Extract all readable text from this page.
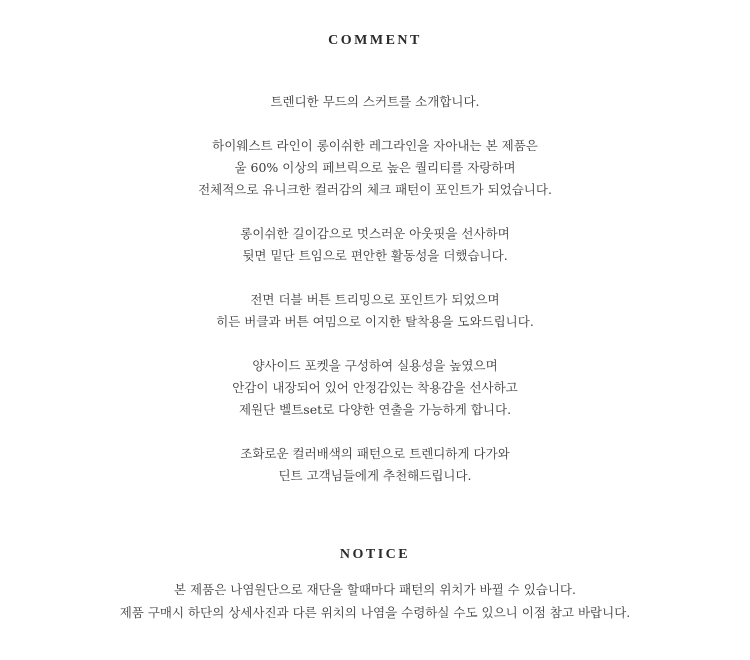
COMMENT
트렌디한 무드의 스커트를 소개합니다.
하이웨스트 라인이 롱이쉬한 레그라인을 자아내는 본 제품은
울 60% 이상의 페브릭으로 높은 퀄리티를 자랑하며
전체적으로 유니크한 컬러감의 체크 패턴이 포인트가 되었습니다.
롱이쉬한 길이감으로 멋스러운 아웃핏을 선사하며
뒷면 밑단 트임으로 편안한 활동성을 더했습니다.
전면 더블 버튼 트리밍으로 포인트가 되었으며
히든 버클과 버튼 여밈으로 이지한 탈착용을 도와드립니다.
양사이드 포켓을 구성하여 실용성을 높였으며
안감이 내장되어 있어 안정감있는 착용감을 선사하고
제원단 벨트set로 다양한 연출을 가능하게 합니다.
조화로운 컬러배색의 패턴으로 트렌디하게 다가와
딘트 고객님들에게 추천해드립니다.
NOTICE
본 제품은 나염원단으로 재단을 할때마다 패턴의 위치가 바뀔 수 있습니다.
제품 구매시 하단의 상세사진과 다른 위치의 나염을 수령하실 수도 있으니 이점 참고 바랍니다.
